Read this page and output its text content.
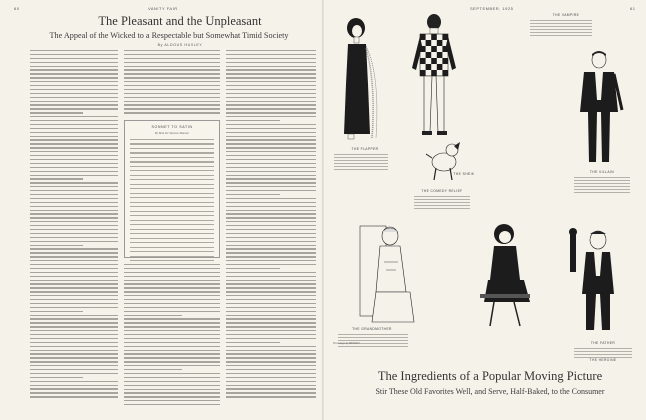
60	VANITY FAIR
The Pleasant and the Unpleasant
The Appeal of the Wicked to a Respectable but Somewhat Timid Society
By ALDOUS HUXLEY
SONNET TO SATIN
By Bela De Vanesse Mannar
SEPTEMBER, 1925	61
THE FLAPPER
THE VAMPIRE
THE COMEDY RELIEF
THE VILLAIN
THE SHEIK
THE GRANDMOTHER
THE FATHER
THE HEROINE
Drawings by BENITO
The Ingredients of a Popular Moving Picture
Stir These Old Favorites Well, and Serve, Half-Baked, to the Consumer
